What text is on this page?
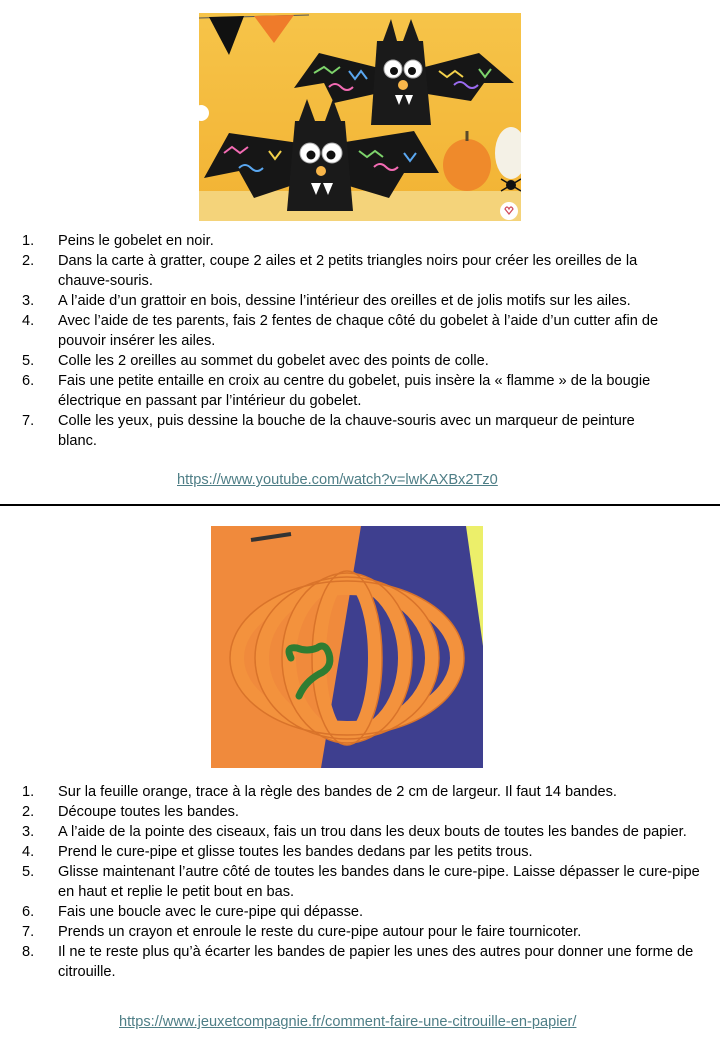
1. Peins le gobelet en noir.
2. Dans la carte à gratter, coupe 2 ailes et 2 petits triangles noirs pour créer les oreilles de la chauve-souris.
3. A l’aide d’un grattoir en bois, dessine l’intérieur des oreilles et de jolis motifs sur les ailes.
4. Avec l’aide de tes parents, fais 2 fentes de chaque côté du gobelet à l’aide d’un cutter afin de pouvoir insérer les ailes.
5. Colle les 2 oreilles au sommet du gobelet avec des points de colle.
6. Fais une petite entaille en croix au centre du gobelet, puis insère la « flamme » de la bougie électrique en passant par l’intérieur du gobelet.
7. Colle les yeux, puis dessine la bouche de la chauve-souris avec un marqueur de peinture blanc.
https://www.youtube.com/watch?v=lwKAXBx2Tz0
1. Sur la feuille orange, trace à la règle des bandes de 2 cm de largeur. Il faut 14 bandes.
2. Découpe toutes les bandes.
3. A l’aide de la pointe des ciseaux, fais un trou dans les deux bouts de toutes les bandes de papier.
4. Prend le cure-pipe et glisse toutes les bandes dedans par les petits trous.
5. Glisse maintenant l’autre côté de toutes les bandes dans le cure-pipe. Laisse dépasser le cure-pipe en haut et replie le petit bout en bas.
6. Fais une boucle avec le cure-pipe qui dépasse.
7. Prends un crayon et enroule le reste du cure-pipe autour pour le faire tournicoter.
8. Il ne te reste plus qu’à écarter les bandes de papier les unes des autres pour donner une forme de citrouille.
https://www.jeuxetcompagnie.fr/comment-faire-une-citrouille-en-papier/
